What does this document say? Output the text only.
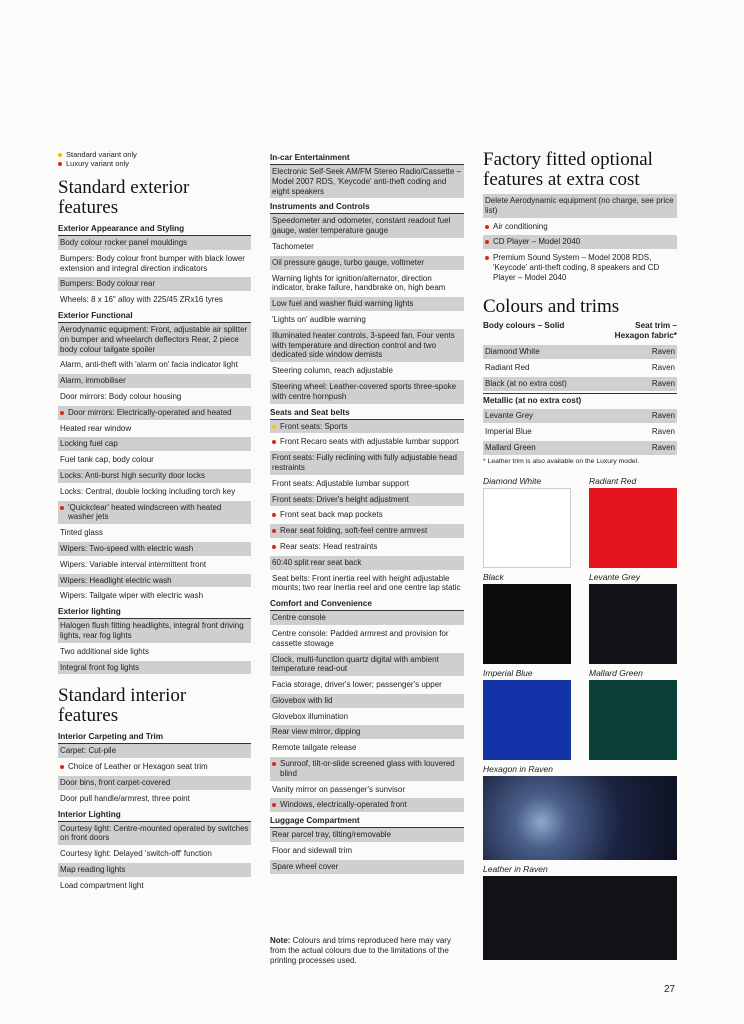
Standard variant only
Luxury variant only
Standard exterior features
Exterior Appearance and Styling
Body colour rocker panel mouldings
Bumpers: Body colour front bumper with black lower extension and integral direction indicators
Bumpers: Body colour rear
Wheels: 8 x 16" alloy with 225/45 ZRx16 tyres
Exterior Functional
Aerodynamic equipment: Front, adjustable air splitter on bumper and wheelarch deflectors Rear, 2 piece body colour tailgate spoiler
Alarm, anti-theft with 'alarm on' facia indicator light
Alarm, immobiliser
Door mirrors: Body colour housing
Door mirrors: Electrically-operated and heated
Heated rear window
Locking fuel cap
Fuel tank cap, body colour
Locks: Anti-burst high security door locks
Locks: Central, double locking including torch key
'Quickclear' heated windscreen with heated washer jets
Tinted glass
Wipers: Two-speed with electric wash
Wipers: Variable interval intermittent front
Wipers: Headlight electric wash
Wipers: Tailgate wiper with electric wash
Exterior lighting
Halogen flush fitting headlights, integral front driving lights, rear fog lights
Two additional side lights
Integral front fog lights
Standard interior features
Interior Carpeting and Trim
Carpet: Cut-pile
Choice of Leather or Hexagon seat trim
Door bins, front carpet-covered
Door pull handle/armrest, three point
Interior Lighting
Courtesy light: Centre-mounted operated by switches on front doors
Courtesy light: Delayed 'switch-off' function
Map reading lights
Load compartment light
In-car Entertainment
Electronic Self-Seek AM/FM Stereo Radio/Cassette – Model 2007 RDS, 'Keycode' anti-theft coding and eight speakers
Instruments and Controls
Speedometer and odometer, constant readout fuel gauge, water temperature gauge
Tachometer
Oil pressure gauge, turbo gauge, voltmeter
Warning lights for ignition/alternator, direction indicator, brake failure, handbrake on, high beam
Low fuel and washer fluid warning lights
'Lights on' audible warning
Illuminated heater controls, 3-speed fan. Four vents with temperature and direction control and two dedicated side window demists
Steering column, reach adjustable
Steering wheel: Leather-covered sports three-spoke with centre hornpush
Seats and Seat belts
Front seats: Sports
Front Recaro seats with adjustable lumbar support
Front seats: Fully reclining with fully adjustable head restraints
Front seats: Adjustable lumbar support
Front seats: Driver's height adjustment
Front seat back map pockets
Rear seat folding, soft-feel centre armrest
Rear seats: Head restraints
60:40 split rear seat back
Seat belts: Front inertia reel with height adjustable mounts; two rear inertia reel and one centre lap static
Comfort and Convenience
Centre console
Centre console: Padded armrest and provision for cassette stowage
Clock, multi-function quartz digital with ambient temperature read-out
Facia storage, driver's lower; passenger's upper
Glovebox with lid
Glovebox illumination
Rear view mirror, dipping
Remote tailgate release
Sunroof, tilt-or-slide screened glass with louvered blind
Vanity mirror on passenger's sunvisor
Windows, electrically-operated front
Luggage Compartment
Rear parcel tray, tilting/removable
Floor and sidewall trim
Spare wheel cover
Note: Colours and trims reproduced here may vary from the actual colours due to the limitations of the printing processes used.
Factory fitted optional features at extra cost
Delete Aerodynamic equipment (no charge, see price list)
Air conditioning
CD Player – Model 2040
Premium Sound System – Model 2008 RDS, 'Keycode' anti-theft coding, 8 speakers and CD Player – Model 2040
Colours and trims
Body colours – Solid	Seat trim – Hexagon fabric*
Diamond White	Raven
Radiant Red	Raven
Black (at no extra cost)	Raven
Metallic (at no extra cost)
Levante Grey	Raven
Imperial Blue	Raven
Mallard Green	Raven
* Leather trim is also available on the Luxury model.
Diamond White	Radiant Red
Black	Levante Grey
Imperial Blue	Mallard Green
Hexagon in Raven
Leather in Raven
27
